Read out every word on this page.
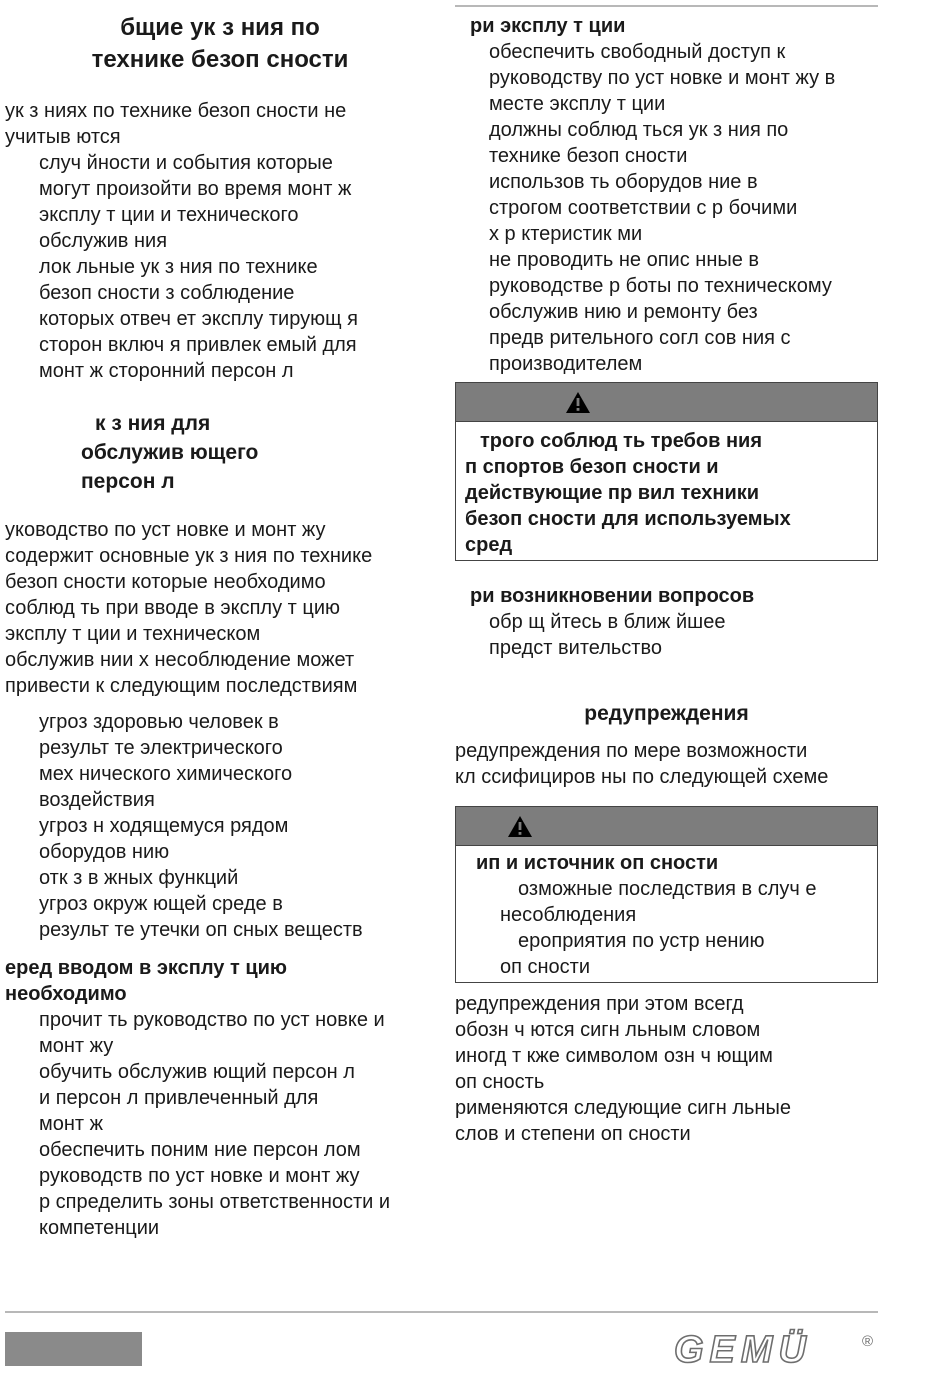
бщие ук з ния по

технике безоп сности

ук з ниях по технике безоп сности не

учитыв ются

случ йности и события которые

могут произойти во время монт ж

эксплу т ции и технического

обслужив ния

лок льные ук з ния по технике

безоп сности з соблюдение

которых отвеч ет эксплу тирующ я

сторон включ я привлек емый для

монт ж сторонний персон л

к з ния для

обслужив ющего

персон л

уководство по уст новке и монт жу

содержит основные ук з ния по технике

безоп сности которые необходимо

соблюд ть при вводе в эксплу т цию

эксплу т ции и техническом

обслужив нии х несоблюдение может

привести к следующим последствиям

угроз здоровью человек в

результ те электрического

мех нического химического

воздействия

угроз н ходящемуся рядом

оборудов нию

отк з в жных функций

угроз окруж ющей среде в

результ те утечки оп сных веществ

еред вводом в эксплу т цию

необходимо

прочит ть руководство по уст новке и

монт жу

обучить обслужив ющий персон л

и персон л привлеченный для

монт ж

обеспечить поним ние персон лом

руководств по уст новке и монт жу

р спределить зоны ответственности и

компетенции

ри эксплу т ции

обеспечить свободный доступ к

руководству по уст новке и монт жу в

месте эксплу т ции

должны соблюд ться ук з ния по

технике безоп сности

использов ть оборудов ние в

строгом соответствии с р бочими

х р ктеристик ми

не проводить не опис нные в

руководстве р боты по техническому

обслужив нию и ремонту без

предв рительного согл сов ния с

производителем

трого соблюд ть требов ния

п спортов безоп сности и

действующие пр вил техники

безоп сности для используемых

сред

ри возникновении вопросов

обр щ йтесь в ближ йшее

предст вительство

редупреждения

редупреждения по мере возможности

кл ссифициров ны по следующей схеме

ип и источник оп сности

озможные последствия в случ е

несоблюдения

ероприятия по устр нению

оп сности

редупреждения при этом всегд

обозн ч ются сигн льным словом

иногд т кже символом озн ч ющим

оп сность

рименяются следующие сигн льные

слов и степени оп сности

GEMÜ	®
